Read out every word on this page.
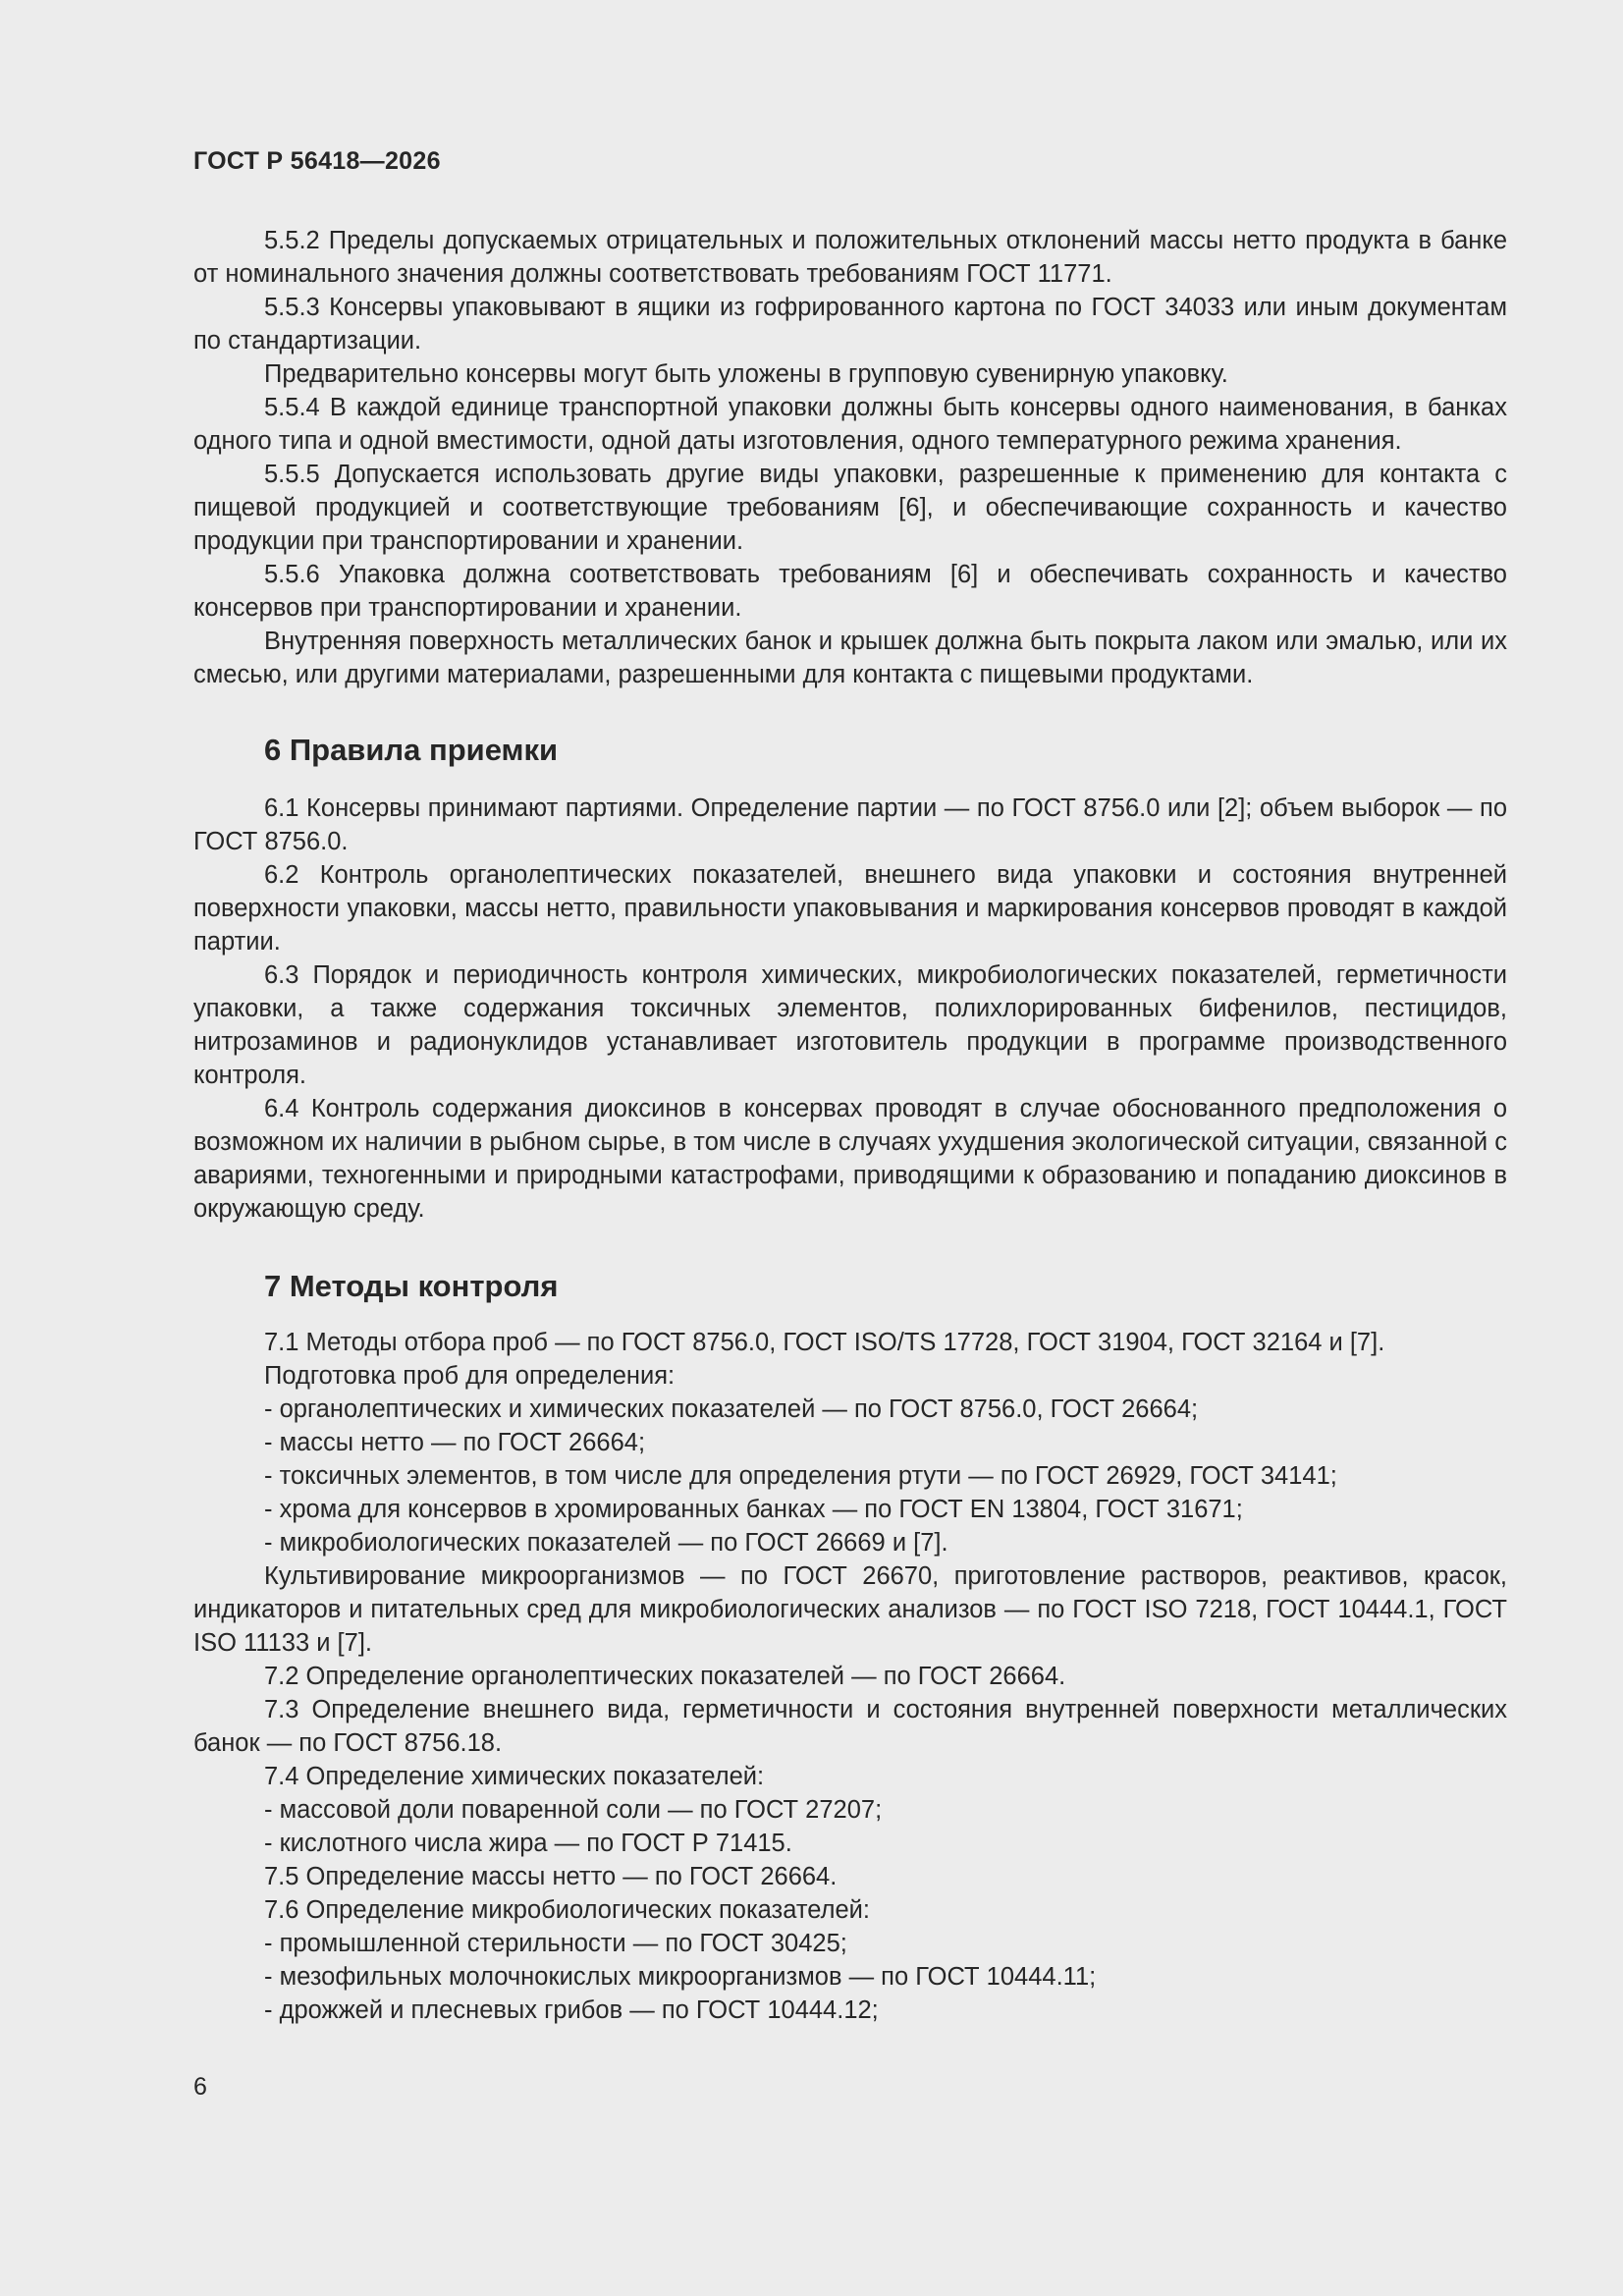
ГОСТ Р 56418—2026

5.5.2 Пределы допускаемых отрицательных и положительных отклонений массы нетто продукта в банке от номинального значения должны соответствовать требованиям ГОСТ 11771.

5.5.3 Консервы упаковывают в ящики из гофрированного картона по ГОСТ 34033 или иным документам по стандартизации.

Предварительно консервы могут быть уложены в групповую сувенирную упаковку.

5.5.4 В каждой единице транспортной упаковки должны быть консервы одного наименования, в банках одного типа и одной вместимости, одной даты изготовления, одного температурного режима хранения.

5.5.5 Допускается использовать другие виды упаковки, разрешенные к применению для контакта с пищевой продукцией и соответствующие требованиям [6], и обеспечивающие сохранность и качество продукции при транспортировании и хранении.

5.5.6 Упаковка должна соответствовать требованиям [6] и обеспечивать сохранность и качество консервов при транспортировании и хранении.

Внутренняя поверхность металлических банок и крышек должна быть покрыта лаком или эмалью, или их смесью, или другими материалами, разрешенными для контакта с пищевыми продуктами.

6 Правила приемки

6.1 Консервы принимают партиями. Определение партии — по ГОСТ 8756.0 или [2]; объем выборок — по ГОСТ 8756.0.

6.2 Контроль органолептических показателей, внешнего вида упаковки и состояния внутренней поверхности упаковки, массы нетто, правильности упаковывания и маркирования консервов проводят в каждой партии.

6.3 Порядок и периодичность контроля химических, микробиологических показателей, герметичности упаковки, а также содержания токсичных элементов, полихлорированных бифенилов, пестицидов, нитрозаминов и радионуклидов устанавливает изготовитель продукции в программе производственного контроля.

6.4 Контроль содержания диоксинов в консервах проводят в случае обоснованного предположения о возможном их наличии в рыбном сырье, в том числе в случаях ухудшения экологической ситуации, связанной с авариями, техногенными и природными катастрофами, приводящими к образованию и попаданию диоксинов в окружающую среду.

7 Методы контроля

7.1 Методы отбора проб — по ГОСТ 8756.0, ГОСТ ISO/TS 17728, ГОСТ 31904, ГОСТ 32164 и [7].

Подготовка проб для определения:

- органолептических и химических показателей — по ГОСТ 8756.0, ГОСТ 26664;

- массы нетто — по ГОСТ 26664;

- токсичных элементов, в том числе для определения ртути — по ГОСТ 26929, ГОСТ 34141;

- хрома для консервов в хромированных банках — по ГОСТ EN 13804, ГОСТ 31671;

- микробиологических показателей — по ГОСТ 26669 и [7].

Культивирование микроорганизмов — по ГОСТ 26670, приготовление растворов, реактивов, красок, индикаторов и питательных сред для микробиологических анализов — по ГОСТ ISO 7218, ГОСТ 10444.1, ГОСТ ISO 11133 и [7].

7.2 Определение органолептических показателей — по ГОСТ 26664.

7.3 Определение внешнего вида, герметичности и состояния внутренней поверхности металлических банок — по ГОСТ 8756.18.

7.4 Определение химических показателей:

- массовой доли поваренной соли — по ГОСТ 27207;

- кислотного числа жира — по ГОСТ Р 71415.

7.5 Определение массы нетто — по ГОСТ 26664.

7.6 Определение микробиологических показателей:

- промышленной стерильности — по ГОСТ 30425;

- мезофильных молочнокислых микроорганизмов — по ГОСТ 10444.11;

- дрожжей и плесневых грибов — по ГОСТ 10444.12;

6
